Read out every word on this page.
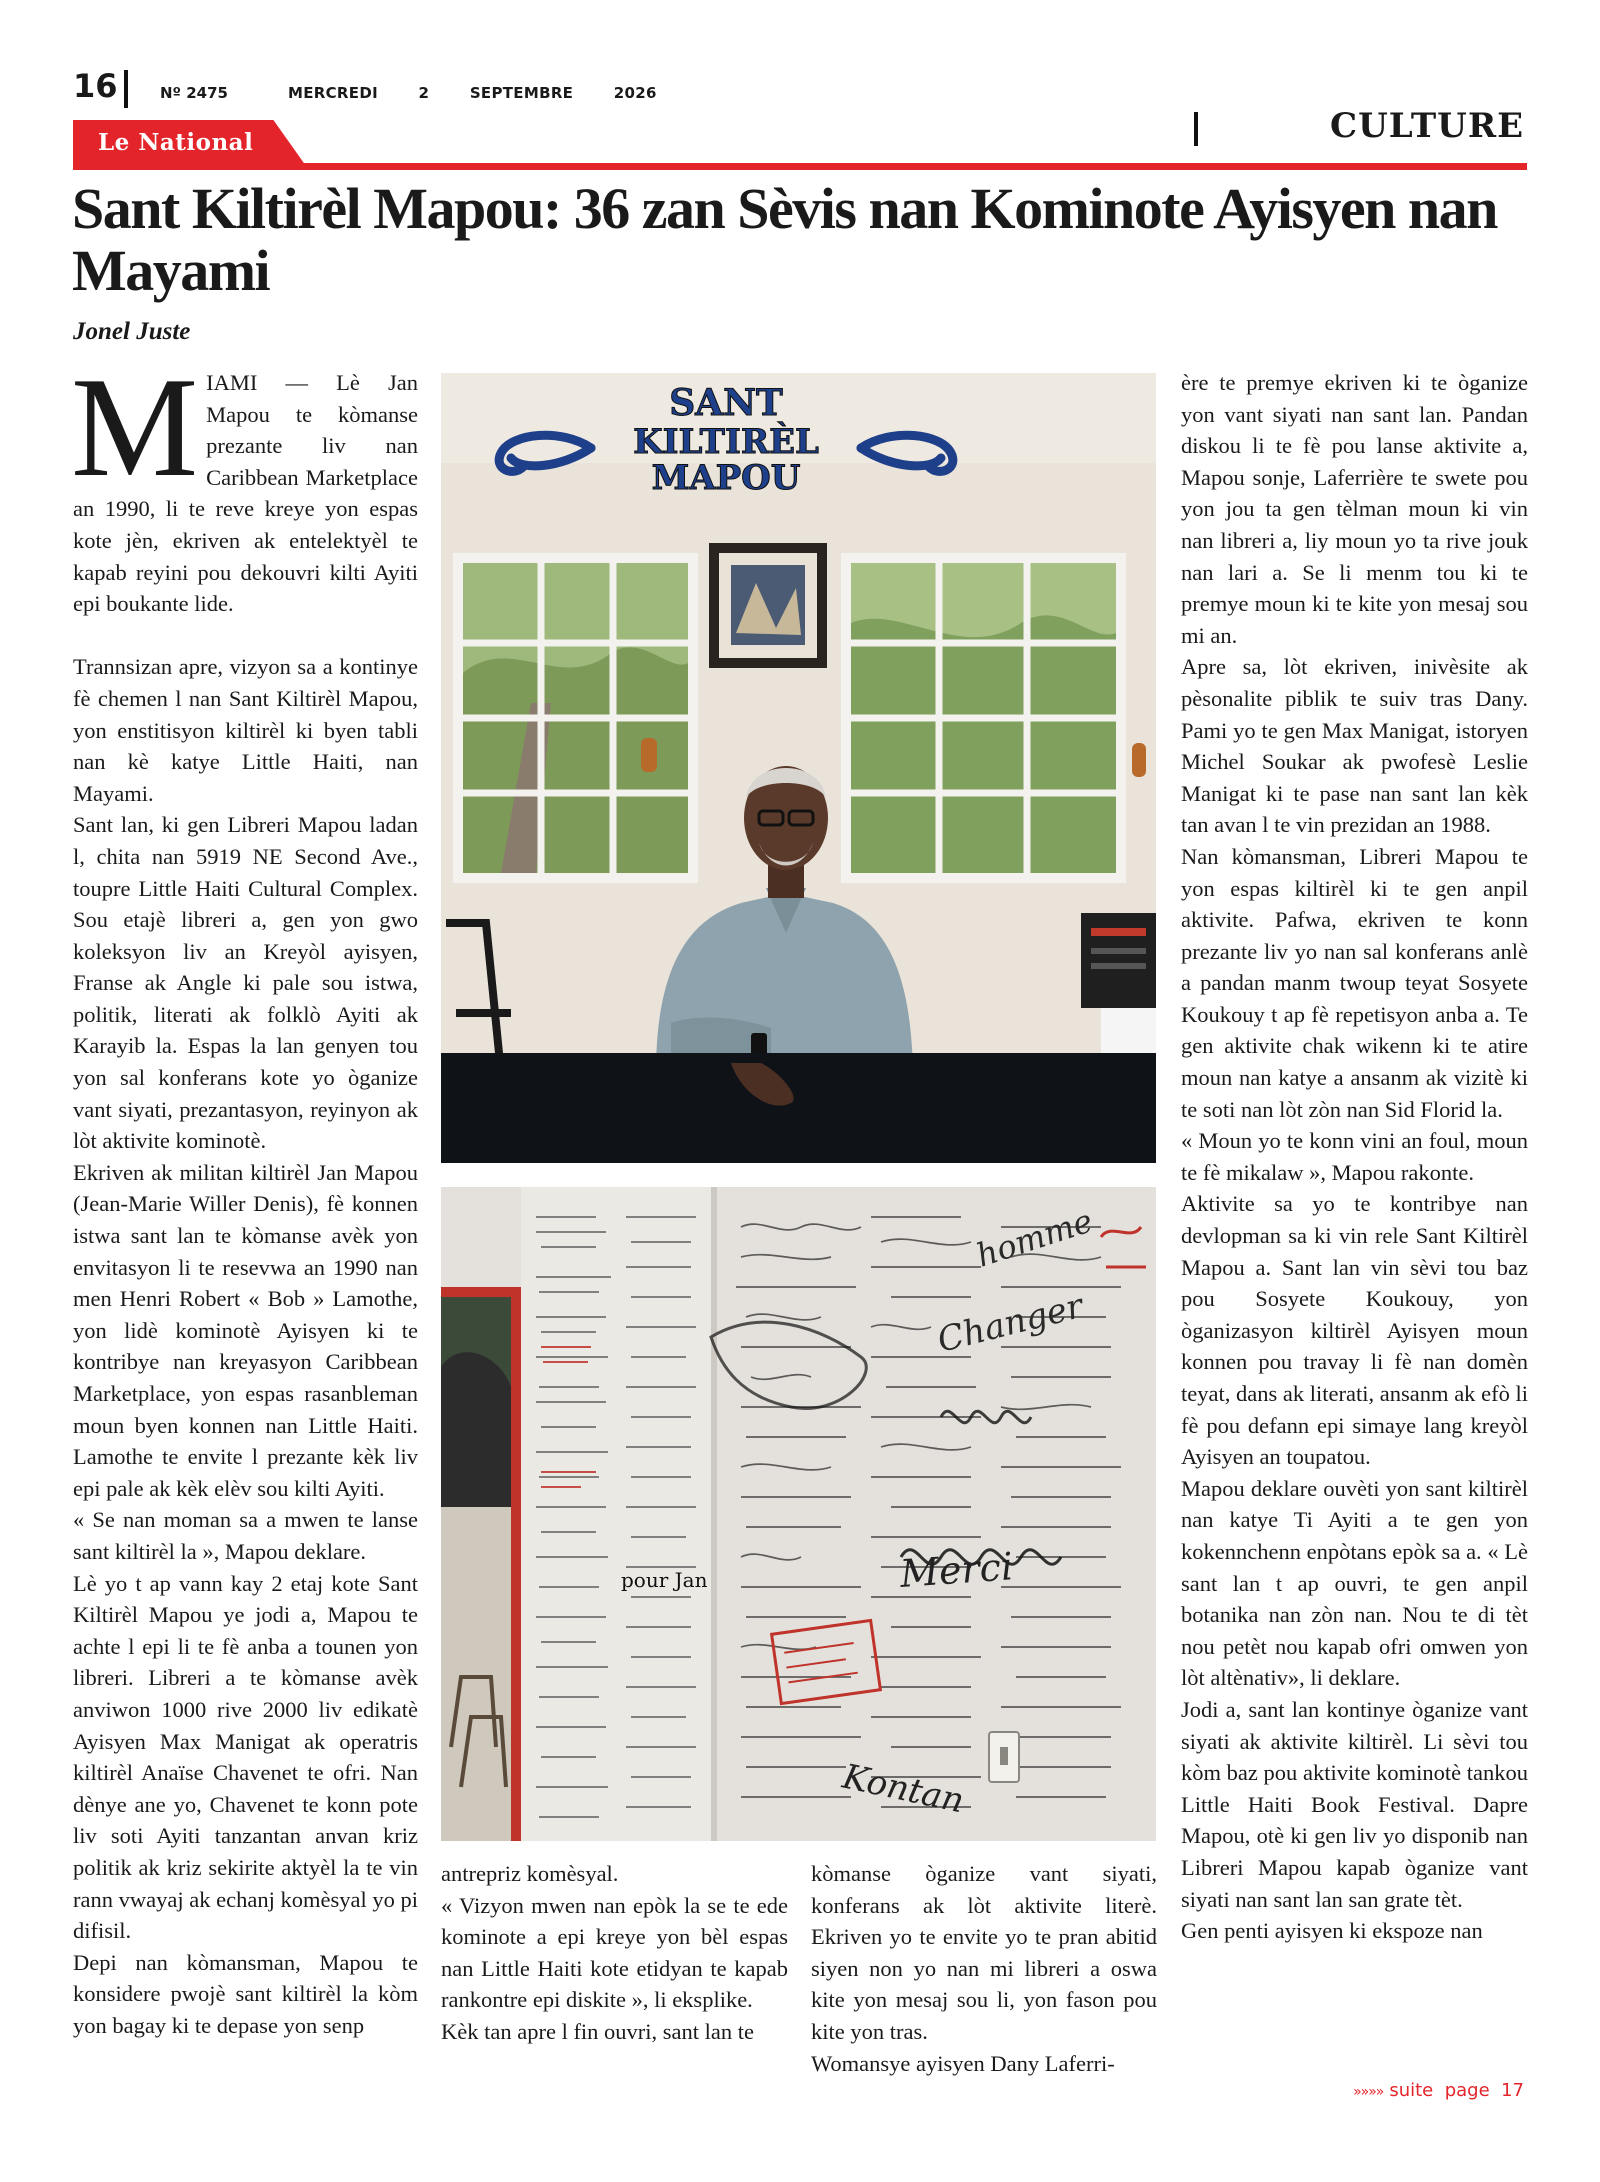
16	Nº 2475	MERCREDI   2   SEPTEMBRE   2026
CULTURE
Le National
Sant Kiltirèl Mapou: 36 zan Sèvis nan Kominote Ayisyen nan Mayami
Jonel Juste

MIAMI — Lè Jan Mapou te kòmanse prezante liv nan Caribbean Marketplace an 1990, li te reve kreye yon espas kote jèn, ekriven ak entelektyèl te kapab reyini pou dekouvri kilti Ayiti epi boukante lide.

Trannsizan apre, vizyon sa a kontinye fè chemen l nan Sant Kiltirèl Mapou, yon enstitisyon kiltirèl ki byen tabli nan kè katye Little Haiti, nan Mayami.

Sant lan, ki gen Libreri Mapou ladan l, chita nan 5919 NE Second Ave., toupre Little Haiti Cultural Complex. Sou etajè libreri a, gen yon gwo koleksyon liv an Kreyòl ayisyen, Franse ak Angle ki pale sou istwa, politik, literati ak folklò Ayiti ak Karayib la. Espas la lan genyen tou yon sal konferans kote yo òganize vant siyati, prezantasyon, reyinyon ak lòt aktivite kominotè.

Ekriven ak militan kiltirèl Jan Mapou (Jean-Marie Willer Denis), fè konnen istwa sant lan te kòmanse avèk yon envitasyon li te resevwa an 1990 nan men Henri Robert « Bob » Lamothe, yon lidè kominotè Ayisyen ki te kontribye nan kreyasyon Caribbean Marketplace, yon espas rasanbleman moun byen konnen nan Little Haiti. Lamothe te envite l prezante kèk liv epi pale ak kèk elèv sou kilti Ayiti.

« Se nan moman sa a mwen te lanse sant kiltirèl la », Mapou deklare.

Lè yo t ap vann kay 2 etaj kote Sant Kiltirèl Mapou ye jodi a, Mapou te achte l epi li te fè anba a tounen yon libreri. Libreri a te kòmanse avèk anviwon 1000 rive 2000 liv edikatè Ayisyen Max Manigat ak operatris kiltirèl Anaïse Chavenet te ofri. Nan dènye ane yo, Chavenet te konn pote liv soti Ayiti tanzantan anvan kriz politik ak kriz sekirite aktyèl la te vin rann vwayaj ak echanj komèsyal yo pi difisil.

Depi nan kòmansman, Mapou te konsidere pwojè sant kiltirèl la kòm yon bagay ki te depase yon senp

SANT
KILTIRÈL
MAPOU
Merci
Changer
pour Jan
homme
Kontan

antrepriz komèsyal.

« Vizyon mwen nan epòk la se te ede kominote a epi kreye yon bèl espas nan Little Haiti kote etidyan te kapab rankontre epi diskite », li eksplike.

Kèk tan apre l fin ouvri, sant lan te

kòmanse òganize vant siyati, konferans ak lòt aktivite literè. Ekriven yo te envite yo te pran abitid siyen non yo nan mi libreri a oswa kite yon mesaj sou li, yon fason pou kite yon tras.

Womansye ayisyen Dany Laferri-

ère te premye ekriven ki te òganize yon vant siyati nan sant lan. Pandan diskou li te fè pou lanse aktivite a, Mapou sonje, Laferrière te swete pou yon jou ta gen tèlman moun ki vin nan libreri a, liy moun yo ta rive jouk nan lari a. Se li menm tou ki te premye moun ki te kite yon mesaj sou mi an.

Apre sa, lòt ekriven, inivèsite ak pèsonalite piblik te suiv tras Dany. Pami yo te gen Max Manigat, istoryen Michel Soukar ak pwofesè Leslie Manigat ki te pase nan sant lan kèk tan avan l te vin prezidan an 1988.

Nan kòmansman, Libreri Mapou te yon espas kiltirèl ki te gen anpil aktivite. Pafwa, ekriven te konn prezante liv yo nan sal konferans anlè a pandan manm twoup teyat Sosyete Koukouy t ap fè repetisyon anba a. Te gen aktivite chak wikenn ki te atire moun nan katye a ansanm ak vizitè ki te soti nan lòt zòn nan Sid Florid la.

« Moun yo te konn vini an foul, moun te fè mikalaw », Mapou rakonte.

Aktivite sa yo te kontribye nan devlopman sa ki vin rele Sant Kiltirèl Mapou a. Sant lan vin sèvi tou baz pou Sosyete Koukouy, yon òganizasyon kiltirèl Ayisyen moun konnen pou travay li fè nan domèn teyat, dans ak literati, ansanm ak efò li fè pou defann epi simaye lang kreyòl Ayisyen an toupatou.

Mapou deklare ouvèti yon sant kiltirèl nan katye Ti Ayiti a te gen yon kokennchenn enpòtans epòk sa a. « Lè sant lan t ap ouvri, te gen anpil botanika nan zòn nan. Nou te di tèt nou petèt nou kapab ofri omwen yon lòt altènativ», li deklare.

Jodi a, sant lan kontinye òganize vant siyati ak aktivite kiltirèl. Li sèvi tou kòm baz pou aktivite kominotè tankou Little Haiti Book Festival. Dapre Mapou, otè ki gen liv yo disponib nan Libreri Mapou kapab òganize vant siyati nan sant lan san grate tèt.

Gen penti ayisyen ki ekspoze nan

»»»» suite  page  17
